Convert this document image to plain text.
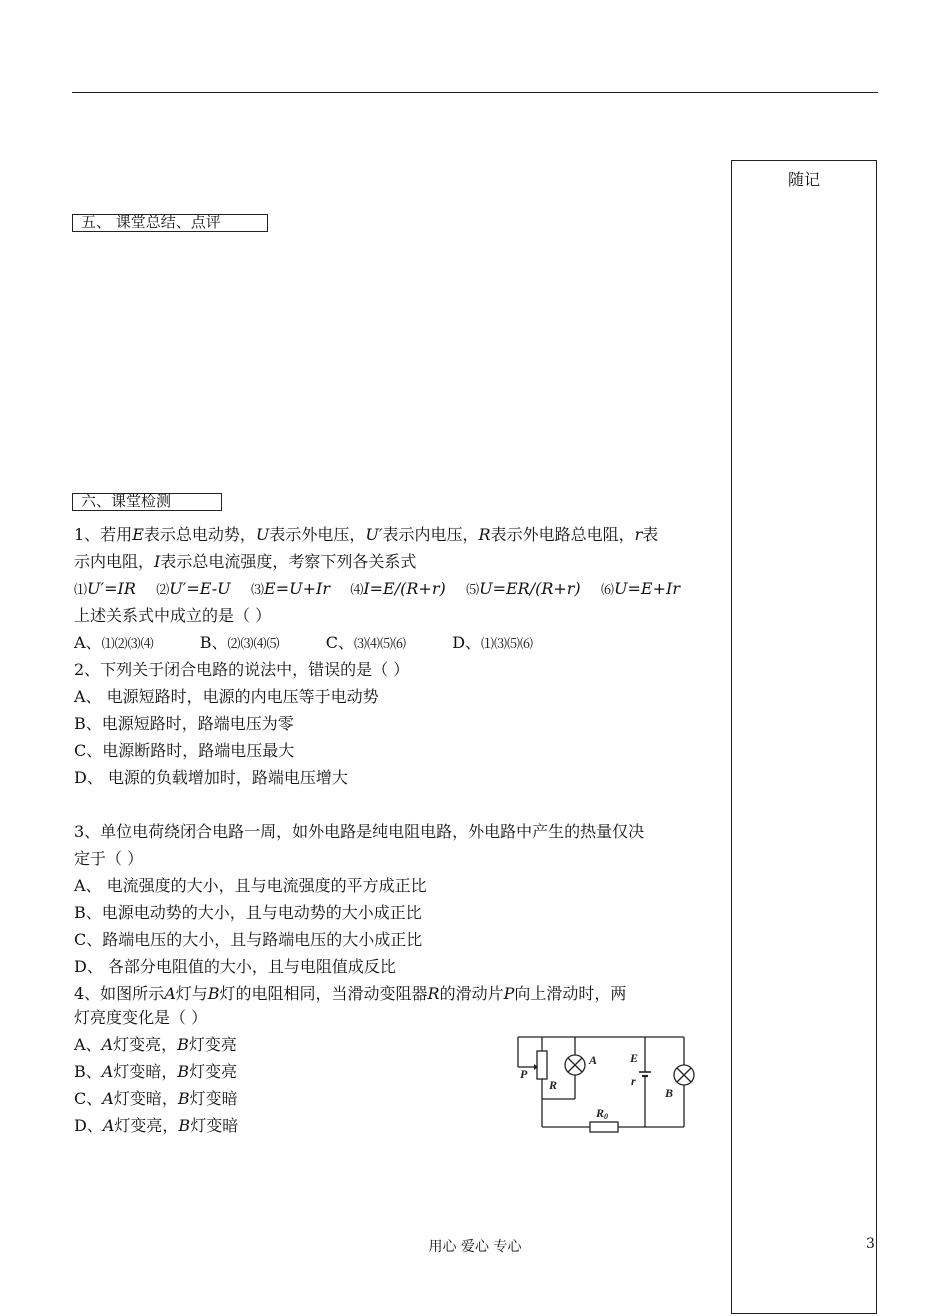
随记
五、 课堂总结、点评
六、课堂检测
1、若用E表示总电动势，U表示外电压，U′表示内电压，R表示外电路总电阻，r表
示内电阻，I表示总电流强度，考察下列各关系式
⑴U′=IR ⑵U′=E-U ⑶E=U+Ir ⑷I=E/(R+r) ⑸U=ER/(R+r) ⑹U=E+Ir
上述关系式中成立的是（ ）
A、⑴⑵⑶⑷	B、⑵⑶⑷⑸	C、⑶⑷⑸⑹	D、⑴⑶⑸⑹
2、下列关于闭合电路的说法中，错误的是（ ）
A、 电源短路时，电源的内电压等于电动势
B、电源短路时，路端电压为零
C、电源断路时，路端电压最大
D、 电源的负载增加时，路端电压增大
3、单位电荷绕闭合电路一周，如外电路是纯电阻电路，外电路中产生的热量仅决
定于（ ）
A、 电流强度的大小，且与电流强度的平方成正比
B、电源电动势的大小，且与电动势的大小成正比
C、路端电压的大小，且与路端电压的大小成正比
D、 各部分电阻值的大小，且与电阻值成反比
4、如图所示A灯与B灯的电阻相同，当滑动变阻器R的滑动片P向上滑动时，两
灯亮度变化是（ ）
A、A灯变亮，B灯变亮
B、A灯变暗，B灯变亮
C、A灯变暗，B灯变暗
D、A灯变亮，B灯变暗
P
R
A	E
r
B
R0
用心 爱心 专心	3
